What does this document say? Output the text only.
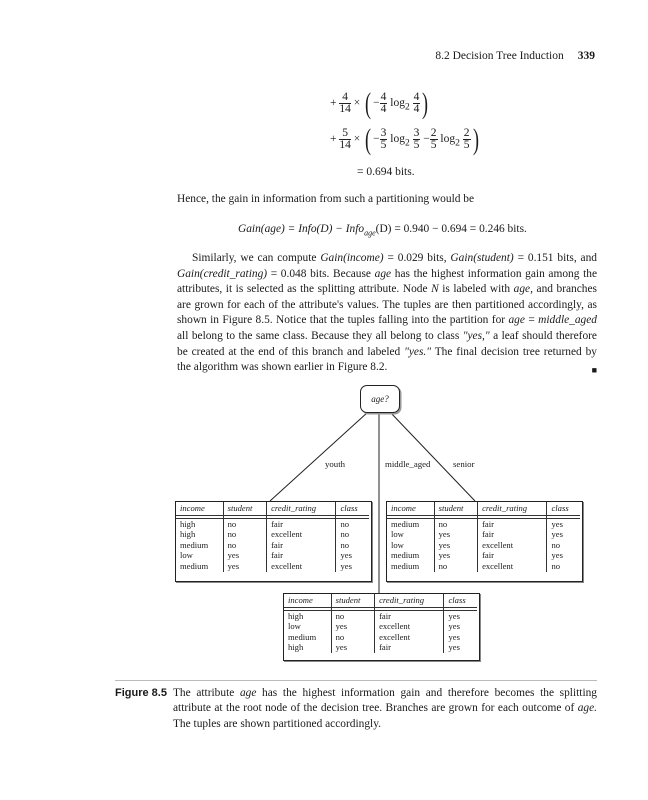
8.2 Decision Tree Induction 339
+ $\frac{4}{14}$ × ( − $\frac{4}{4} \log_2 \frac{4}{4}$ )
+ $\frac{5}{14}$ × ( − $\frac{3}{5} \log_2 \frac{3}{5} - \frac{2}{5} \log_2 \frac{2}{5}$ )
= 0.694 bits.
Hence, the gain in information from such a partitioning would be
Gain(age) = Info(D) − Info$_{age}$(D) = 0.940 − 0.694 = 0.246 bits.
Similarly, we can compute Gain(income) = 0.029 bits, Gain(student) = 0.151 bits, and Gain(credit_rating) = 0.048 bits. Because age has the highest information gain among the attributes, it is selected as the splitting attribute. Node N is labeled with age, and branches are grown for each of the attribute's values. The tuples are then partitioned accordingly, as shown in Figure 8.5. Notice that the tuples falling into the partition for age = middle_aged all belong to the same class. Because they all belong to class "yes," a leaf should therefore be created at the end of this branch and labeled "yes." The final decision tree returned by the algorithm was shown earlier in Figure 8.2.	■
age?
youth	middle_aged	senior
income	student	credit_rating	class

high	no	fair	no
high	no	excellent	no
medium	no	fair	no
low	yes	fair	yes
medium	yes	excellent	yes
income	student	credit_rating	class

medium	no	fair	yes
low	yes	fair	yes
low	yes	excellent	no
medium	yes	fair	yes
medium	no	excellent	no
income	student	credit_rating	class

high	no	fair	yes
low	yes	excellent	yes
medium	no	excellent	yes
high	yes	fair	yes
Figure 8.5 The attribute age has the highest information gain and therefore becomes the splitting attribute at the root node of the decision tree. Branches are grown for each outcome of age. The tuples are shown partitioned accordingly.
